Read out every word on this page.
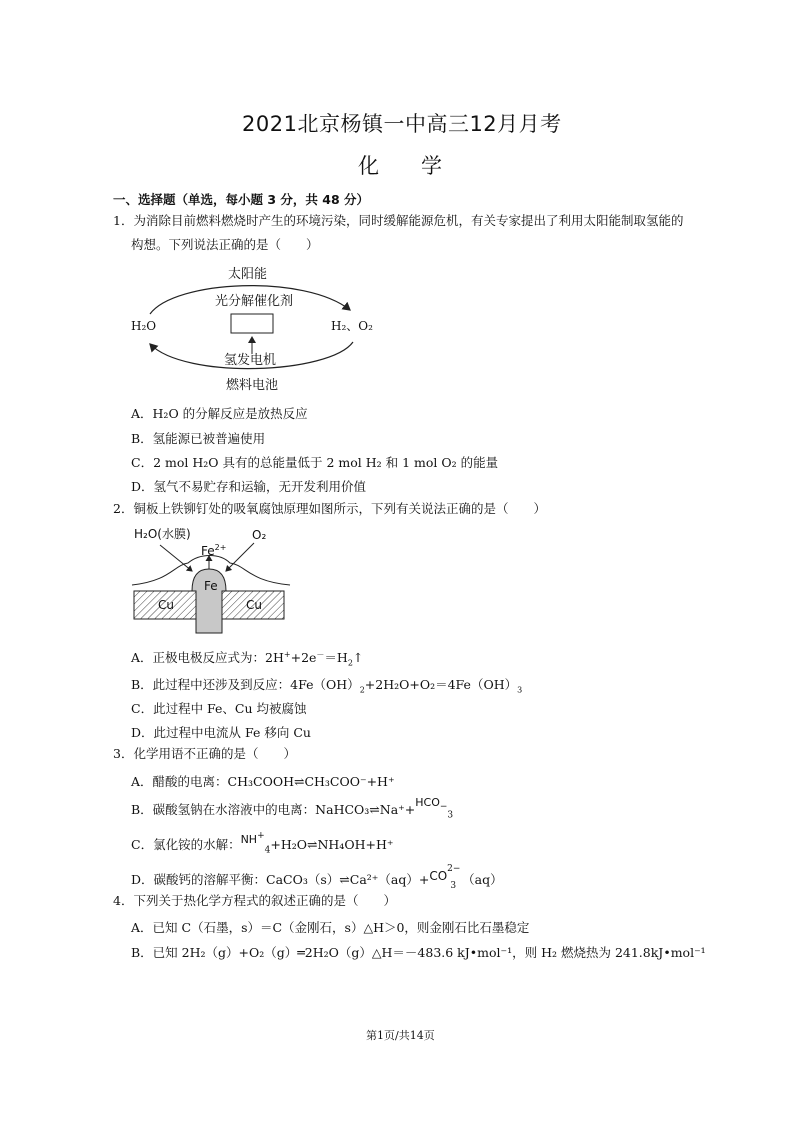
2021北京杨镇一中高三12月月考
化　　学
一、选择题（单选，每小题 3 分，共 48 分）
1．为消除目前燃料燃烧时产生的环境污染，同时缓解能源危机，有关专家提出了利用太阳能制取氢能的
构想。下列说法正确的是（　　）
太阳能
光分解催化剂
H₂O	H₂、O₂
氢发电机
燃料电池
A．H₂O 的分解反应是放热反应
B．氢能源已被普遍使用
C．2 mol H₂O 具有的总能量低于 2 mol H₂ 和 1 mol O₂ 的能量
D．氢气不易贮存和运输，无开发利用价值
2．铜板上铁铆钉处的吸氧腐蚀原理如图所示，下列有关说法正确的是（　　）
H₂O(水膜)
$Fe^{2+}$
O₂
Fe
Cu	Cu
A．正极电极反应式为：$2H^++2e^-=H_2↑$
B．此过程中还涉及到反应：$4Fe(OH)_2+2H_2O+O_2=4Fe(OH)_3$
C．此过程中 Fe、Cu 均被腐蚀
D．此过程中电流从 Fe 移向 Cu
3．化学用语不正确的是（　　）
A．醋酸的电离：CH₃COOH⇌CH₃COO⁻+H⁺
B．碳酸氢钠在水溶液中的电离：$NaHCO_3\rightleftharpoons Na^++HCO^-_3$
C．氯化铵的水解：$NH^+_4+H_2O\rightleftharpoons NH_4OH+H^+$
D．碳酸钙的溶解平衡：$CaCO_3(s)\rightleftharpoons Ca^{2+}(aq)+CO^{2-}_3$ （aq）
4．下列关于热化学方程式的叙述正确的是（　　）
A．已知 C（石墨，s）＝C（金刚石，s）△H＞0，则金刚石比石墨稳定
B．已知 2H₂（g）+O₂（g）═2H₂O（g）△H＝－483.6 kJ•mol⁻¹，则 H₂ 燃烧热为 241.8kJ•mol⁻¹
第1页/共14页
